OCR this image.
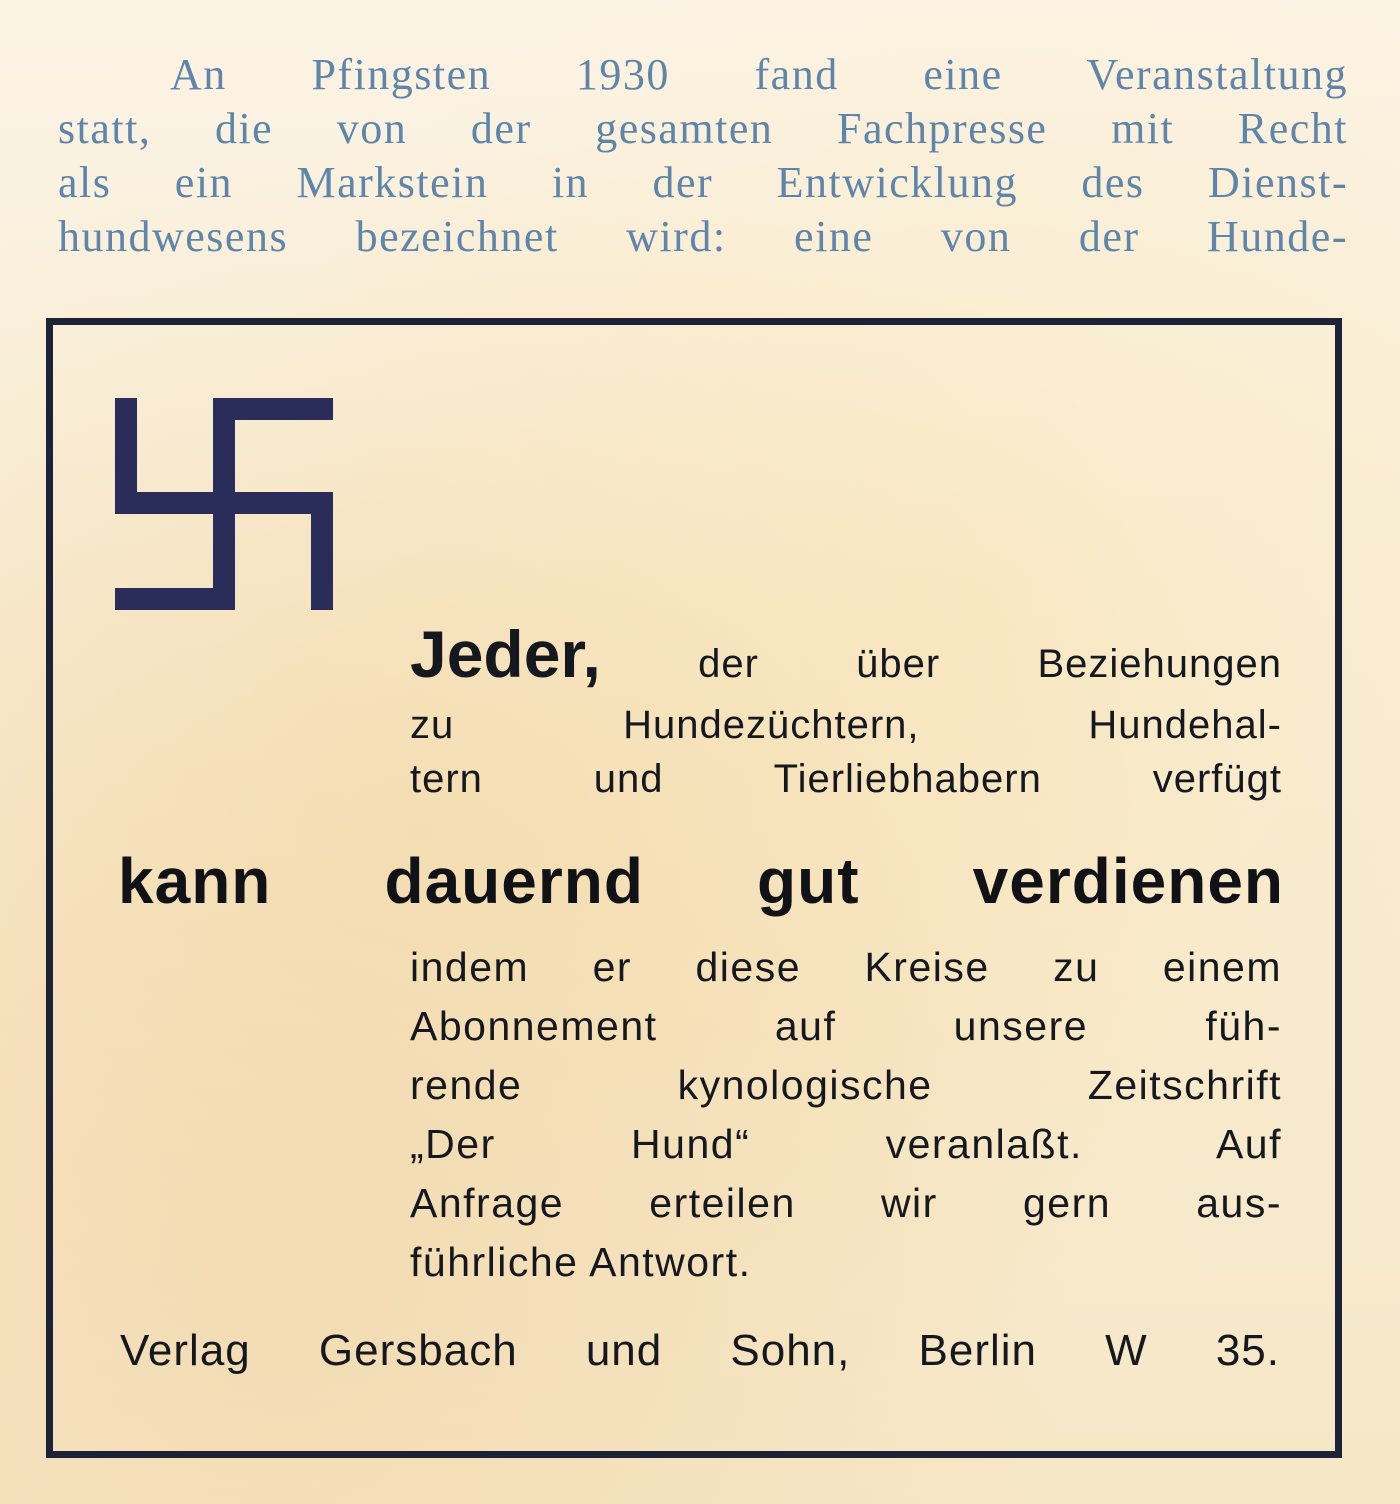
An Pfingsten 1930 fand eine Veranstaltung
statt, die von der gesamten Fachpresse mit Recht
als ein Markstein in der Entwicklung des Dienst-
hundwesens bezeichnet wird: eine von der Hunde-
Jeder, der über Beziehungen
zu Hundezüchtern, Hundehal-
tern und Tierliebhabern verfügt
kann dauernd gut verdienen
indem er diese Kreise zu einem
Abonnement auf unsere füh-
rende kynologische Zeitschrift
„Der Hund“ veranlaßt. Auf
Anfrage erteilen wir gern aus-
führliche Antwort.
Verlag Gersbach und Sohn, Berlin W 35.
